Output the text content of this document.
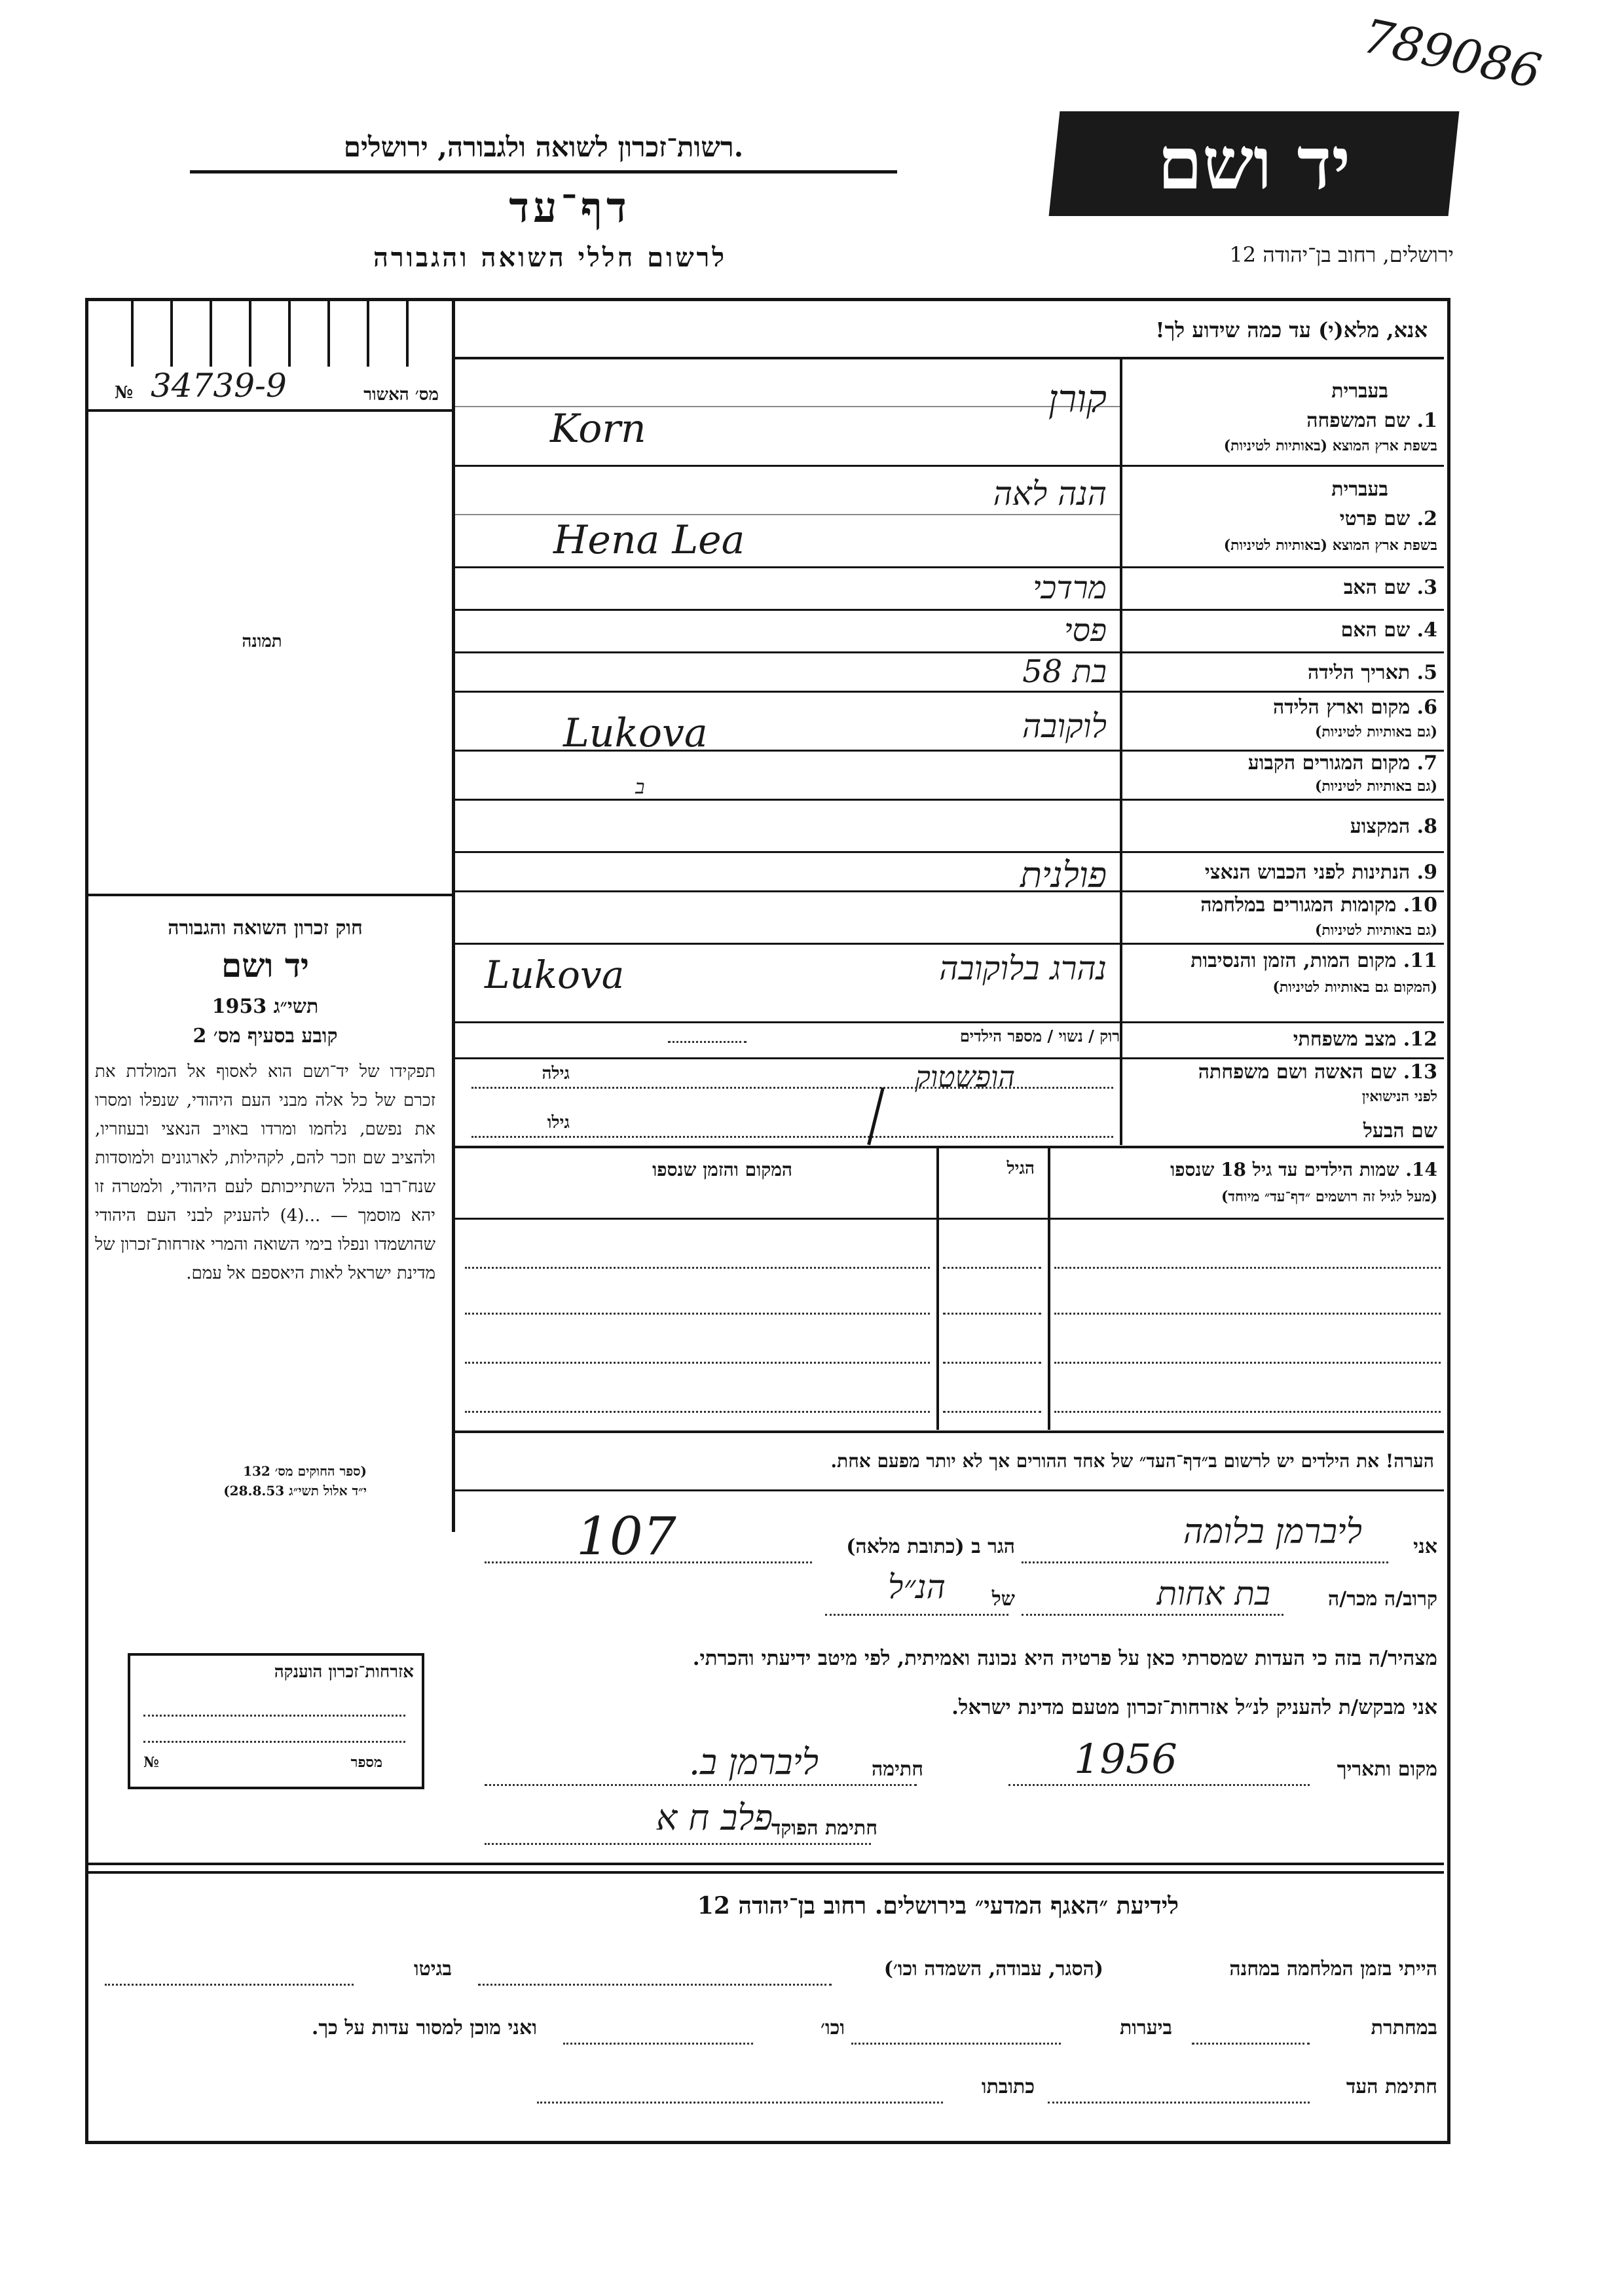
789086
.רשות־זכרון לשואה ולגבורה, ירושלים
דף־עד
לרשום חללי השואה והגבורה
יד ושם
ירושלים, רחוב בן־יהודה 12
אנא, מלא(י) עד כמה שידוע לך!
№ 34739-9	מס׳ האשור
תמונה
חוק זכרון השואה והגבורה
יד ושם
תשי״ג 1953
קובע בסעיף מס׳ 2
תפקידו של יד־ושם הוא לאסוף אל המולדת את זכרם של כל אלה מבני העם היהודי, שנפלו ומסרו את נפשם, נלחמו ומרדו באויב הנאצי ובעוזריו, ולהציב שם וזכר להם, לקהילות, לארגונים ולמוסדות שנח־רבו בגלל השתייכותם לעם היהודי, ולמטרה זו יהא מוסמך — ...(4) להעניק לבני העם היהודי שהושמדו ונפלו בימי השואה והמרי אזרחות־זכרון של מדינת ישראל לאות היאספם אל עמם.
(ספר החוקים מס׳ 132
י״ד אלול תשי״ג 28.8.53)
אזרחות־זכרון הוענקה
מספר
№
בעברית
1. שם המשפחה
בשפת ארץ המוצא (באותיות לטיניות)
בעברית
2. שם פרטי
בשפת ארץ המוצא (באותיות לטיניות)
3. שם האב
4. שם האם
5. תאריך הלידה
6. מקום וארץ הלידה
(גם באותיות לטיניות)
7. מקום המגורים הקבוע
(גם באותיות לטיניות)
8. המקצוע
9. הנתינות לפני הכבוש הנאצי
10. מקומות המגורים במלחמה
(גם באותיות לטיניות)
11. מקום המות, הזמן והנסיבות
(המקום גם באותיות לטיניות)
12. מצב משפחתי
13. שם האשה ושם משפחתה
לפני הנישואין
שם הבעל
קורן
Korn
הנה לאה
Hena Lea
מרדכי
פסי
בת 58
לוקובה
Lukova
ב
פולנית
נהרג בלוקובה
Lukova
רוק / נשוי / מספר הילדים
הופשטוק
גילה
גילו
14. שמות הילדים עד גיל 18 שנספו
(מעל לגיל זה רושמים ״דף־עד״ מיוחד)
הגיל
המקום והזמן שנספו
הערה! את הילדים יש לרשום ב״דף־העד״ של אחד ההורים אך לא יותר מפעם אחת.
אני
ליברמן בלומה
הגר ב (כתובת מלאה)
107
קרוב/ה מכר/ה
בת אחות
של
הנ״ל
מצהיר/ה בזה כי העדות שמסרתי כאן על פרטיה היא נכונה ואמיתית, לפי מיטב ידיעתי והכרתי.
אני מבקש/ת להעניק לנ״ל אזרחות־זכרון מטעם מדינת ישראל.
מקום ותאריך
1956
חתימה
ליברמן ב.
חתימת הפוקד
פלב ח א
לידיעת ״האגף המדעי״ בירושלים. רחוב בן־יהודה 12
הייתי בזמן המלחמה במחנה
(הסגר, עבודה, השמדה וכו׳)
בגיטו
במחתרת
ביערות
וכו׳
ואני מוכן למסור עדות על כך.
חתימת העד
כתובתו
